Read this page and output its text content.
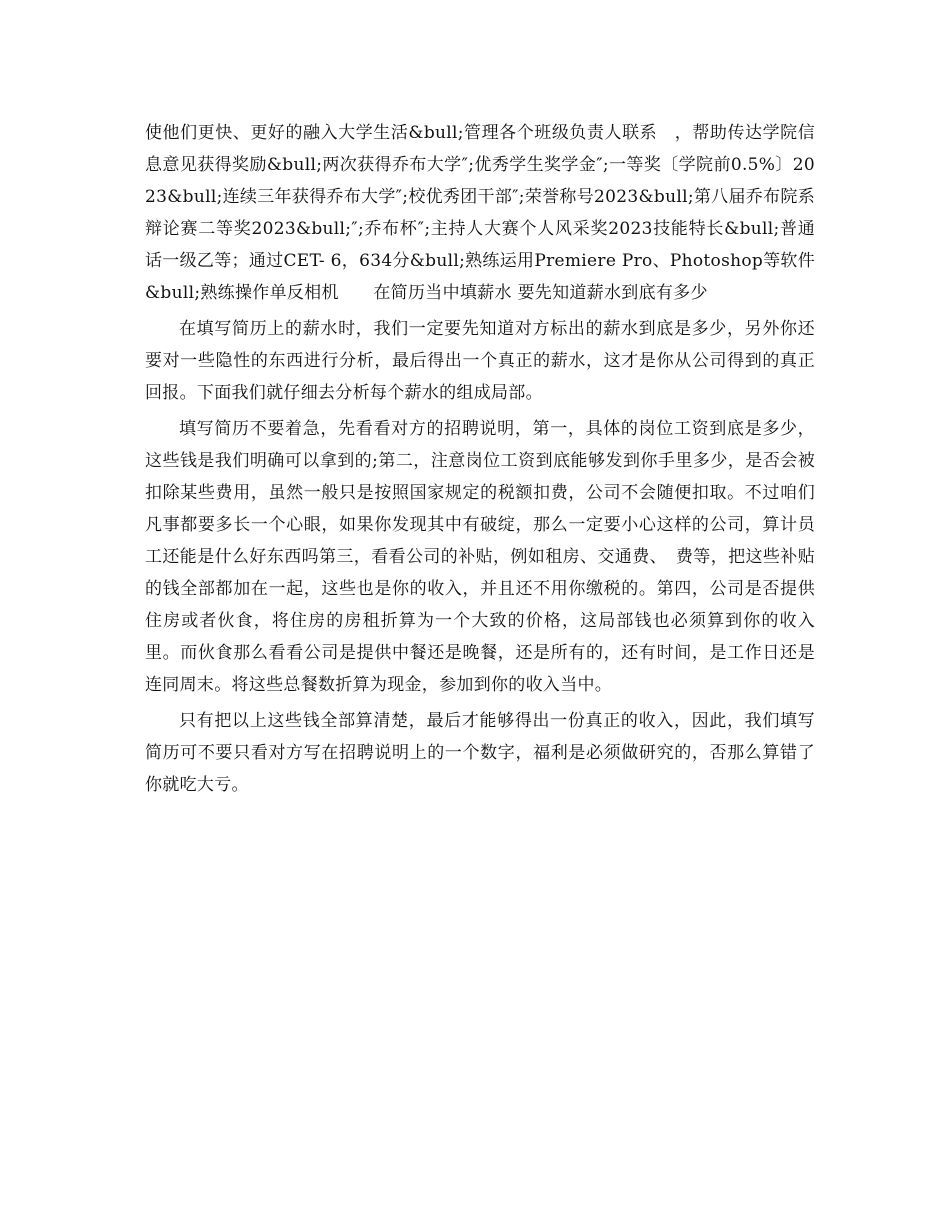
使他们更快、更好的融入大学生活&bull;管理各个班级负责人联系　，帮助传达学院信息意见获得奖励&bull;两次获得乔布大学″;优秀学生奖学金″;一等奖〔学院前0.5%〕2023&bull;连续三年获得乔布大学″;校优秀团干部″;荣誉称号2023&bull;第八届乔布院系辩论赛二等奖2023&bull;″;乔布杯″;主持人大赛个人风采奖2023技能特长&bull;普通话一级乙等；通过CET- 6，634分&bull;熟练运用Premiere Pro、Photoshop等软件&bull;熟练操作单反相机　　在简历当中填薪水 要先知道薪水到底有多少

在填写简历上的薪水时，我们一定要先知道对方标出的薪水到底是多少，另外你还要对一些隐性的东西进行分析，最后得出一个真正的薪水，这才是你从公司得到的真正回报。下面我们就仔细去分析每个薪水的组成局部。

填写简历不要着急，先看看对方的招聘说明，第一，具体的岗位工资到底是多少，这些钱是我们明确可以拿到的;第二，注意岗位工资到底能够发到你手里多少，是否会被扣除某些费用，虽然一般只是按照国家规定的税额扣费，公司不会随便扣取。不过咱们凡事都要多长一个心眼，如果你发现其中有破绽，那么一定要小心这样的公司，算计员工还能是什么好东西吗第三，看看公司的补贴，例如租房、交通费、　费等，把这些补贴的钱全部都加在一起，这些也是你的收入，并且还不用你缴税的。第四，公司是否提供住房或者伙食，将住房的房租折算为一个大致的价格，这局部钱也必须算到你的收入里。而伙食那么看看公司是提供中餐还是晚餐，还是所有的，还有时间，是工作日还是连同周末。将这些总餐数折算为现金，参加到你的收入当中。

只有把以上这些钱全部算清楚，最后才能够得出一份真正的收入，因此，我们填写简历可不要只看对方写在招聘说明上的一个数字，福利是必须做研究的，否那么算错了你就吃大亏。
